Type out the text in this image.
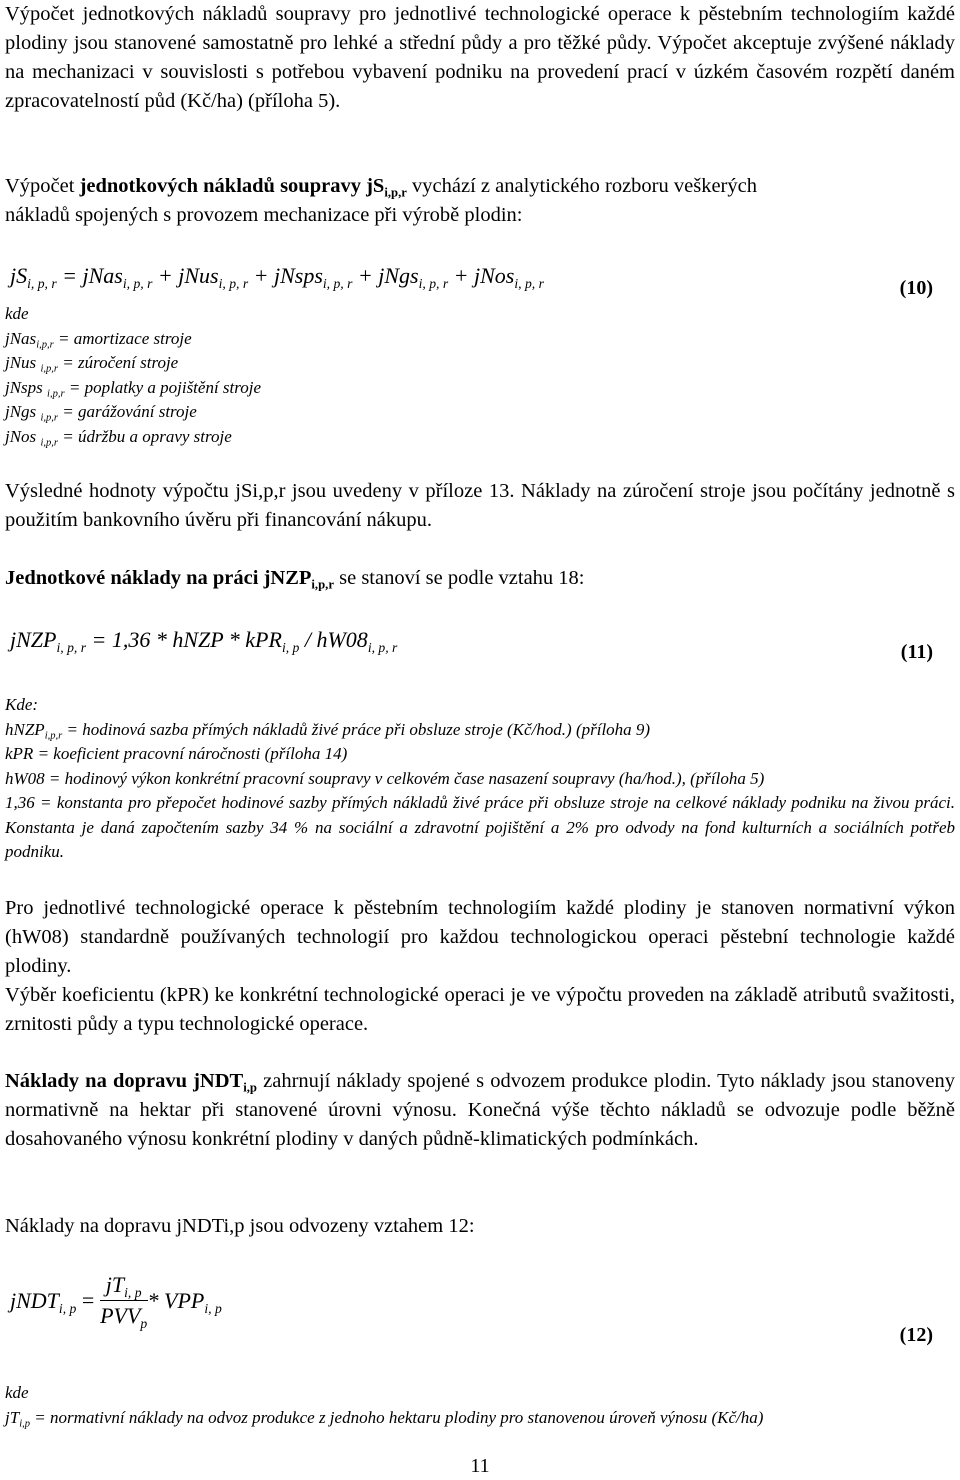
Výpočet jednotkových nákladů soupravy pro jednotlivé technologické operace k pěstebním technologiím každé plodiny jsou stanovené samostatně pro lehké a střední půdy a pro těžké půdy. Výpočet akceptuje zvýšené náklady na mechanizaci v souvislosti s potřebou vybavení podniku na provedení prací v úzkém časovém rozpětí daném zpracovatelností půd (Kč/ha) (příloha 5).

Výpočet jednotkových nákladů soupravy $jS_{i,p,r}$ vychází z analytického rozboru veškerých
nákladů spojených s provozem mechanizace při výrobě plodin:
$jS_{i, p, r}$ = jNas$_{i, p, r}$ + jNus$_{i, p, r}$ + jNsps$_{i, p, r}$ + jNgs$_{i, p, r}$ + jNos$_{i, p, r}$	(10)
kde
jNas$_{i,p,r}$ = amortizace stroje
jNus $_{i,p,r}$ = zúročení stroje
jNsps $_{i,p,r}$ = poplatky a pojištění stroje
jNgs $_{i,p,r}$ = garážování stroje
jNos $_{i,p,r}$ = údržbu a opravy stroje

Výsledné hodnoty výpočtu jSi,p,r jsou uvedeny v příloze 13. Náklady na zúročení stroje jsou počítány jednotně s použitím bankovního úvěru při financování nákupu.

Jednotkové náklady na práci jNZP$_{i,p,r}$ se stanoví se podle vztahu 18:
jNZP$_{i, p, r}$ = 1,36 * hNZP * $kPR_{i, p} / hW08_{i, p, r}$	(11)
Kde:
hNZP$_{i,p,r}$ = hodinová sazba přímých nákladů živé práce při obsluze stroje (Kč/hod.) (příloha 9)
kPR = koeficient pracovní náročnosti (příloha 14)
hW08 = hodinový výkon konkrétní pracovní soupravy v celkovém čase nasazení soupravy (ha/hod.), (příloha 5)
1,36 = konstanta pro přepočet hodinové sazby přímých nákladů živé práce při obsluze stroje na celkové náklady podniku na živou práci. Konstanta je daná započtením sazby 34 % na sociální a zdravotní pojištění a 2% pro odvody na fond kulturních a sociálních potřeb podniku.

Pro jednotlivé technologické operace k pěstebním technologiím každé plodiny je stanoven normativní výkon (hW08) standardně používaných technologií pro každou technologickou operaci pěstební technologie každé plodiny.

Výběr koeficientu (kPR) ke konkrétní technologické operaci je ve výpočtu proveden na základě atributů svažitosti, zrnitosti půdy a typu technologické operace.

Náklady na dopravu jNDT$_{i,p}$ zahrnují náklady spojené s odvozem produkce plodin. Tyto náklady jsou stanoveny normativně na hektar při stanovené úrovni výnosu. Konečná výše těchto nákladů se odvozuje podle běžně dosahovaného výnosu konkrétní plodiny v daných půdně-klimatických podmínkách.

Náklady na dopravu jNDTi,p jsou odvozeny vztahem 12:

jNDT$_{i, p}$ = $\frac{jT_{i, p}}{PVV_p} * VPP_{i, p}$
(12)
kde
$jT_{i,p}$ = normativní náklady na odvoz produkce z jednoho hektaru plodiny pro stanovenou úroveň výnosu (Kč/ha)
11
